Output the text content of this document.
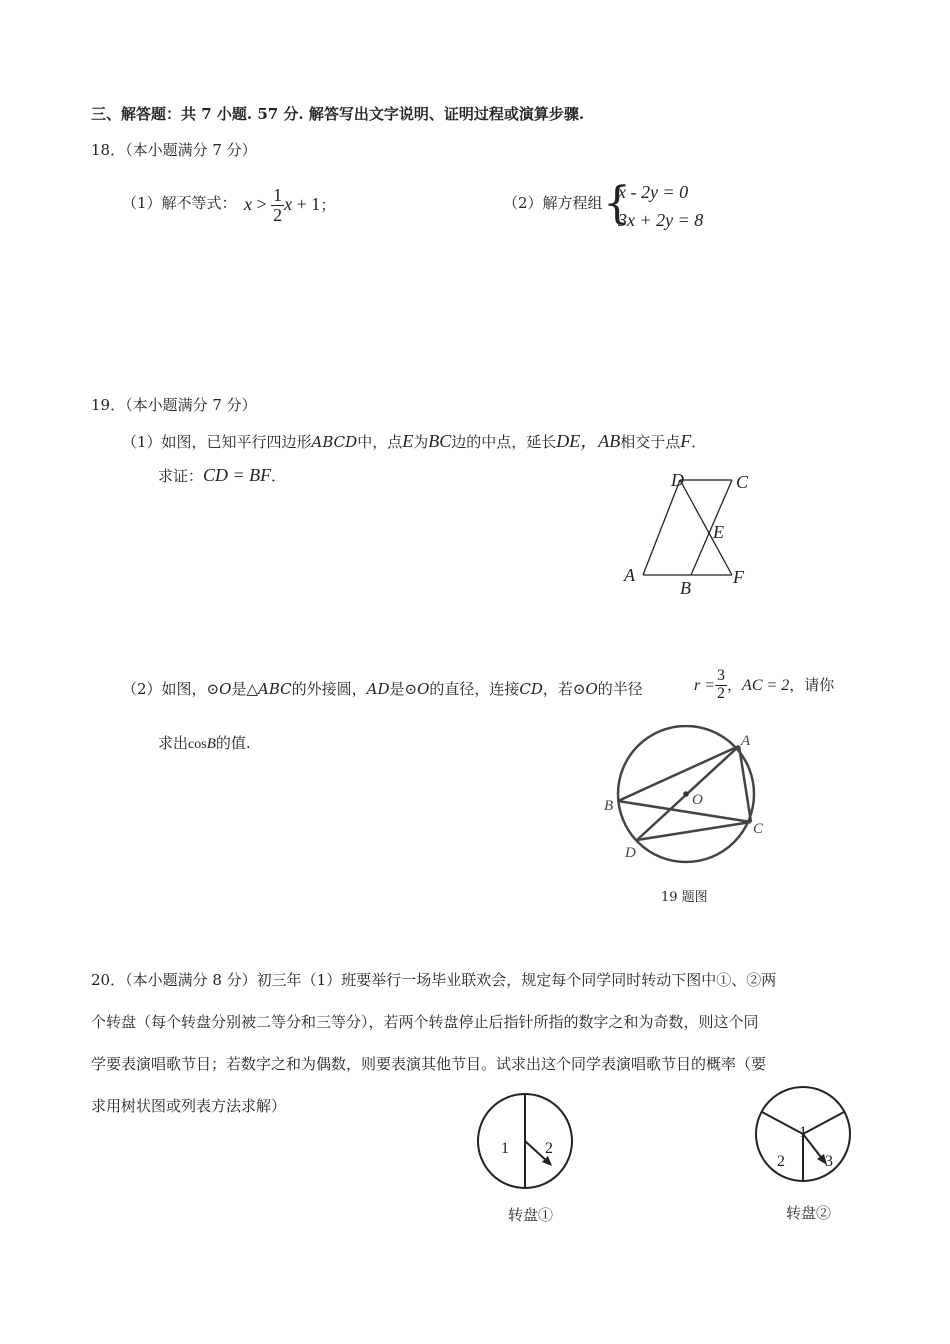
三、解答题：共 7 小题. 57 分. 解答写出文字说明、证明过程或演算步骤.
18．（本小题满分 7 分）
（1）解不等式： $x > \frac{1}{2}$ x + 1；	（2）解方程组 {
x - 2y = 0
3x + 2y = 8
19．（本小题满分 7 分）
（1）如图，已知平行四边形ABCD中，点E为BC边的中点，延长DE，AB相交于点F．
求证：CD = BF．	D	C
E
A
B
F
（2）如图，⊙O是△ABC的外接圆，AD是⊙O的直径，连接CD，若⊙O的半径	$r = \frac{3}{2}$ ，AC = 2，请你
求出cosB的值.	A
B
C
D
O
19 题图
20．（本小题满分 8 分）初三年（1）班要举行一场毕业联欢会，规定每个同学同时转动下图中①、②两
个转盘（每个转盘分别被二等分和三等分），若两个转盘停止后指针所指的数字之和为奇数，则这个同
学要表演唱歌节目；若数字之和为偶数，则要表演其他节目。试求出这个同学表演唱歌节目的概率（要
求用树状图或列表方法求解）
1 2
转盘①
1
2	3
转盘②
